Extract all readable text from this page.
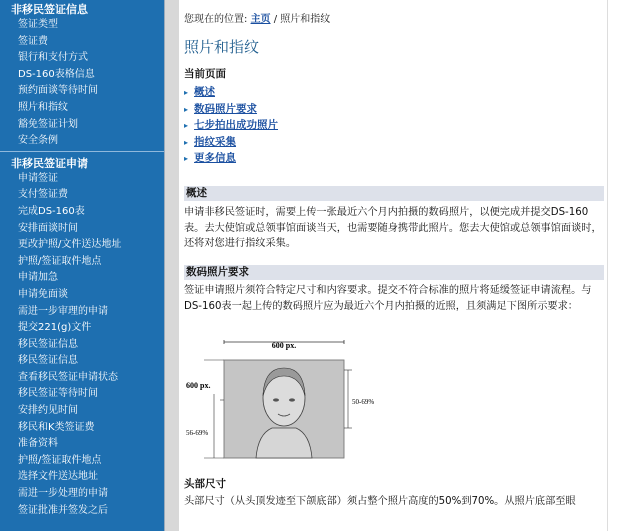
非移民签证信息
签证类型
签证费
银行和支付方式
DS-160表格信息
预约面谈等待时间
照片和指纹
豁免签证计划
安全条例
非移民签证申请
申请签证
支付签证费
完成DS-160表
安排面谈时间
更改护照/文件送达地址
护照/签证取件地点
申请加急
申请免面谈
需进一步审理的申请
提交221(g)文件
移民签证信息
移民签证信息
查看移民签证申请状态
移民签证等待时间
安排约见时间
移民和K类签证费
准备资料
护照/签证取件地点
选择文件送达地址
需进一步处理的申请
签证批准并签发之后
您现在的位置: 主页 / 照片和指纹
照片和指纹
当前页面
▸ 概述
▸ 数码照片要求
▸ 七步拍出成功照片
▸ 指纹采集
▸ 更多信息
概述
申请非移民签证时，需要上传一张最近六个月内拍摄的数码照片，以便完成并提交DS-160表。去大使馆或总领事馆面谈当天，也需要随身携带此照片。您去大使馆或总领事馆面谈时，还将对您进行指纹采集。
数码照片要求
签证申请照片须符合特定尺寸和内容要求。提交不符合标准的照片将延缓签证申请流程。与DS-160表一起上传的数码照片应为最近六个月内拍摄的近照，且须满足下图所示要求：
600 px.
600 px.
50-69%
56-69%
头部尺寸
头部尺寸（从头顶发迹至下颌底部）须占整个照片高度的50%到70%。从照片底部至眼
